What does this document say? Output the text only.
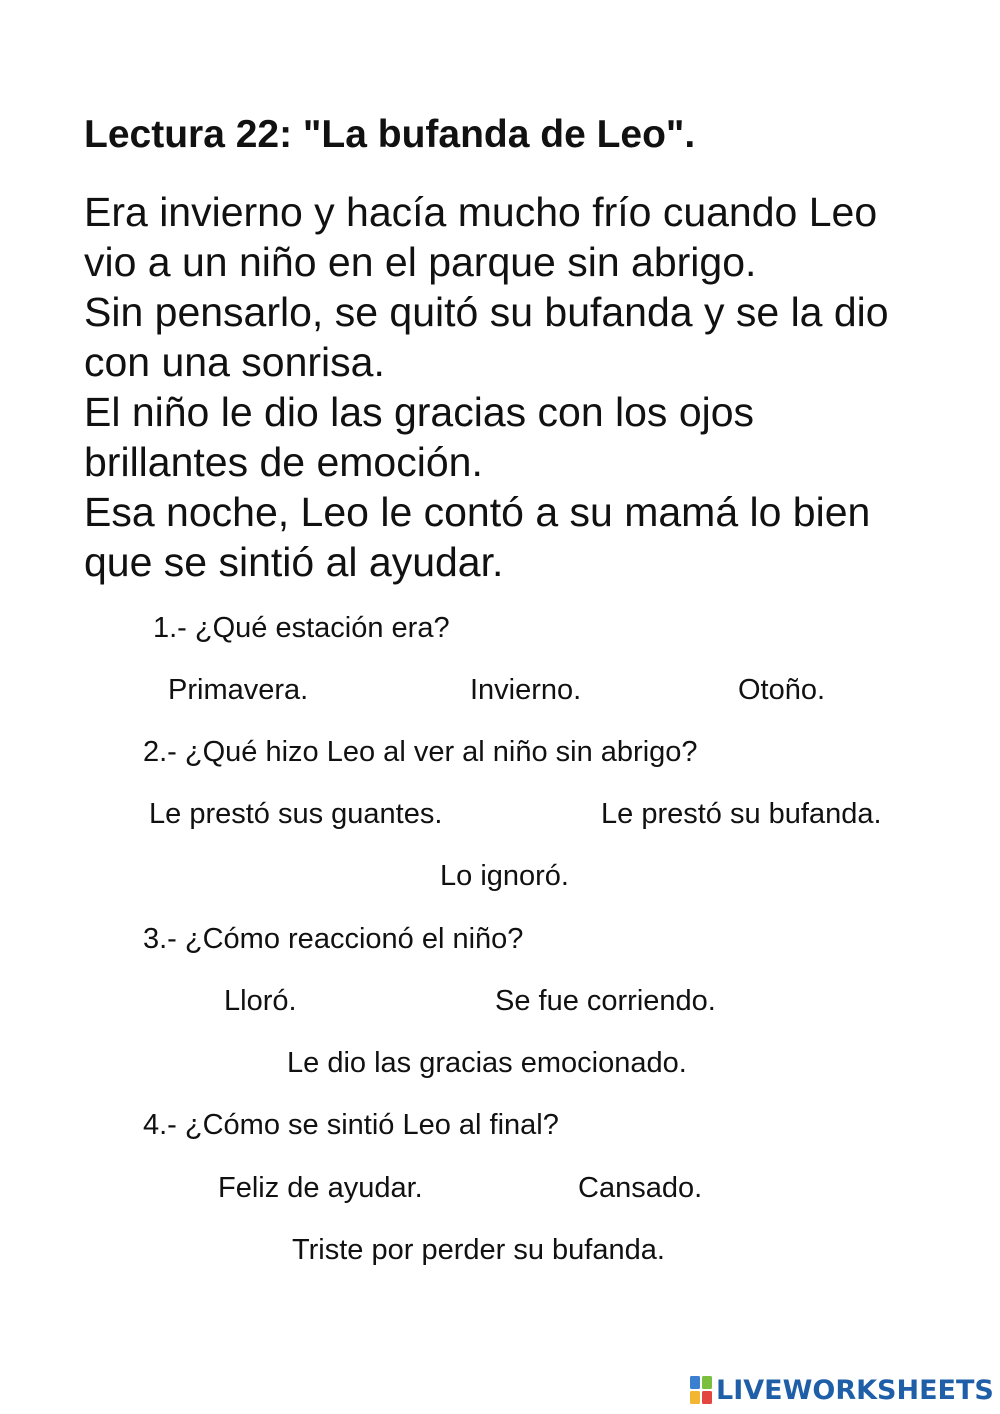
Lectura 22: "La bufanda de Leo".
Era invierno y hacía mucho frío cuando Leo
vio a un niño en el parque sin abrigo.
Sin pensarlo, se quitó su bufanda y se la dio
con una sonrisa.
El niño le dio las gracias con los ojos
brillantes de emoción.
Esa noche, Leo le contó a su mamá lo bien
que se sintió al ayudar.
1.- ¿Qué estación era?
Primavera.	Invierno.	Otoño.
2.- ¿Qué hizo Leo al ver al niño sin abrigo?
Le prestó sus guantes.	Le prestó su bufanda.
Lo ignoró.
3.- ¿Cómo reaccionó el niño?
Lloró.	Se fue corriendo.
Le dio las gracias emocionado.
4.- ¿Cómo se sintió Leo al final?
Feliz de ayudar.	Cansado.
Triste por perder su bufanda.
LIVEWORKSHEETS
